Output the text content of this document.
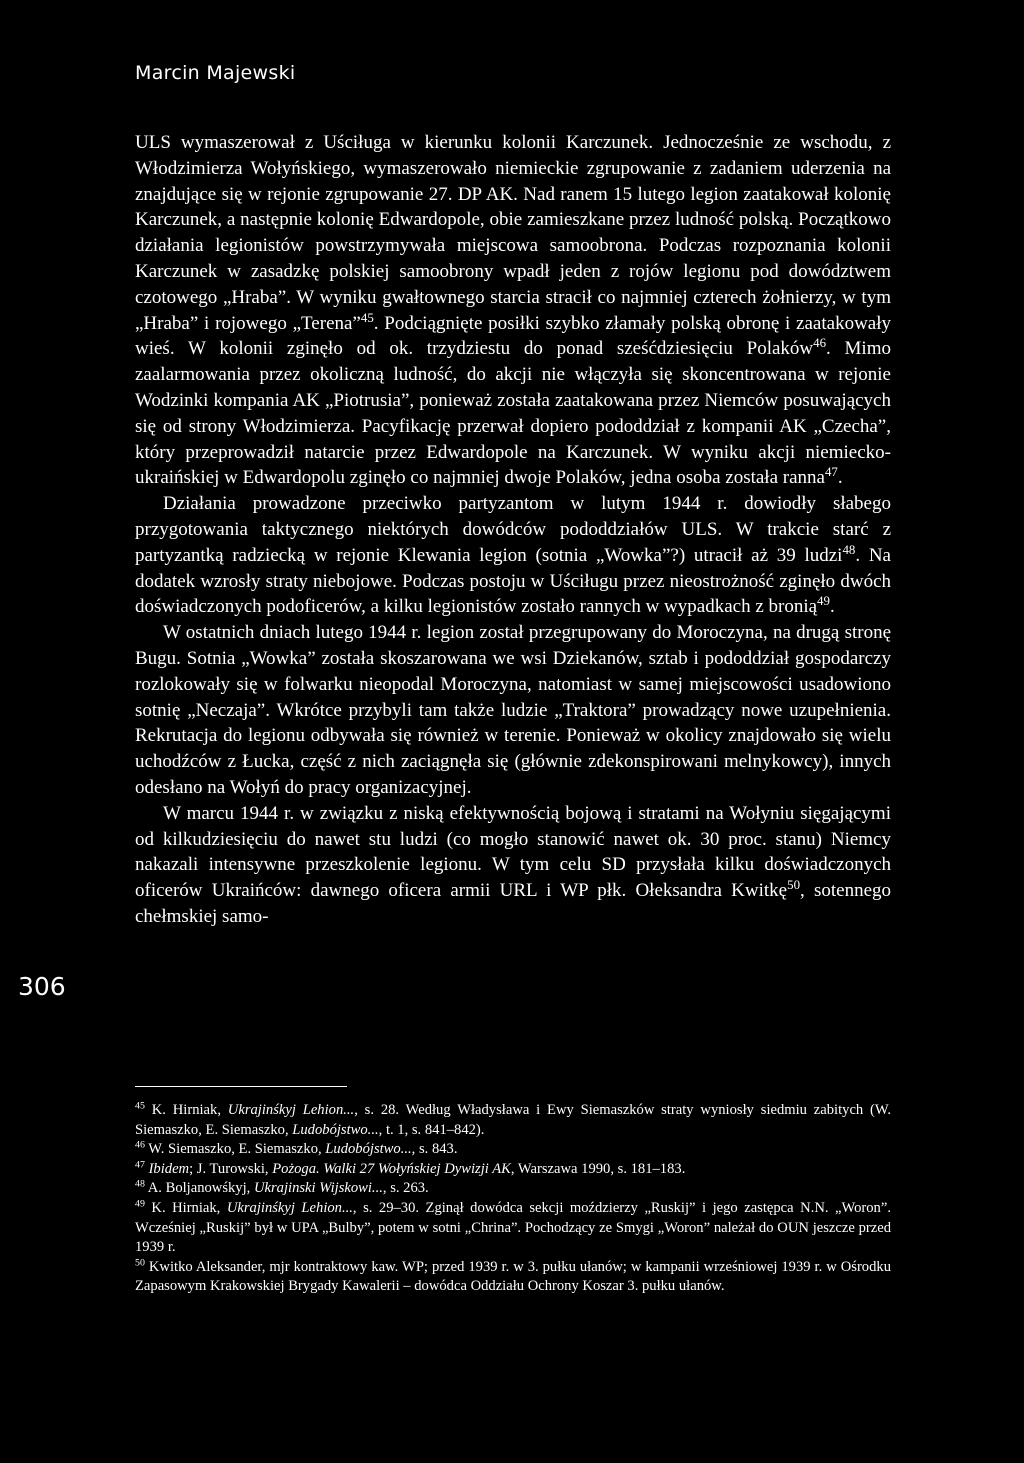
Marcin Majewski

ULS wymaszerował z Uściługa w kierunku kolonii Karczunek. Jednocześnie ze wschodu, z Włodzimierza Wołyńskiego, wymaszerowało niemieckie zgrupowanie z zadaniem uderzenia na znajdujące się w rejonie zgrupowanie 27. DP AK. Nad ranem 15 lutego legion zaatakował kolonię Karczunek, a następnie kolonię Edwardopole, obie zamieszkane przez ludność polską. Początkowo działania legionistów powstrzymywała miejscowa samoobrona. Podczas rozpoznania kolonii Karczunek w zasadzkę polskiej samoobrony wpadł jeden z rojów legionu pod dowództwem czotowego „Hraba”. W wyniku gwałtownego starcia stracił co najmniej czterech żołnierzy, w tym „Hraba” i rojowego „Terena”$^{45}$. Podciągnięte posiłki szybko złamały polską obronę i zaatakowały wieś. W kolonii zginęło od ok. trzydziestu do ponad sześćdziesięciu Polaków$^{46}$. Mimo zaalarmowania przez okoliczną ludność, do akcji nie włączyła się skoncentrowana w rejonie Wodzinki kompania AK „Piotrusia”, ponieważ została zaatakowana przez Niemców posuwających się od strony Włodzimierza. Pacyfikację przerwał dopiero pododdział z kompanii AK „Czecha”, który przeprowadził natarcie przez Edwardopole na Karczunek. W wyniku akcji niemiecko-ukraińskiej w Edwardopolu zginęło co najmniej dwoje Polaków, jedna osoba została ranna$^{47}$.

Działania prowadzone przeciwko partyzantom w lutym 1944 r. dowiodły słabego przygotowania taktycznego niektórych dowódców pododdziałów ULS. W trakcie starć z partyzantką radziecką w rejonie Klewania legion (sotnia „Wowka”?) utracił aż 39 ludzi$^{48}$. Na dodatek wzrosły straty niebojowe. Podczas postoju w Uściługu przez nieostrożność zginęło dwóch doświadczonych podoficerów, a kilku legionistów zostało rannych w wypadkach z bronią$^{49}$.

W ostatnich dniach lutego 1944 r. legion został przegrupowany do Moroczyna, na drugą stronę Bugu. Sotnia „Wowka” została skoszarowana we wsi Dziekanów, sztab i pododdział gospodarczy rozlokowały się w folwarku nieopodal Moroczyna, natomiast w samej miejscowości usadowiono sotnię „Neczaja”. Wkrótce przybyli tam także ludzie „Traktora” prowadzący nowe uzupełnienia. Rekrutacja do legionu odbywała się również w terenie. Ponieważ w okolicy znajdowało się wielu uchodźców z Łucka, część z nich zaciągnęła się (głównie zdekonspirowani melnykowcy), innych odesłano na Wołyń do pracy organizacyjnej.

W marcu 1944 r. w związku z niską efektywnością bojową i stratami na Wołyniu sięgającymi od kilkudziesięciu do nawet stu ludzi (co mogło stanowić nawet ok. 30 proc. stanu) Niemcy nakazali intensywne przeszkolenie legionu. W tym celu SD przysłała kilku doświadczonych oficerów Ukraińców: dawnego oficera armii URL i WP płk. Ołeksandra Kwitkę$^{50}$, sotennego chełmskiej samo-

306

$^{45}$ K. Hirniak, Ukrajinśkyj Lehion..., s. 28. Według Władysława i Ewy Siemaszków straty wyniosły siedmiu zabitych (W. Siemaszko, E. Siemaszko, Ludobójstwo..., t. 1, s. 841–842).

$^{46}$ W. Siemaszko, E. Siemaszko, Ludobójstwo..., s. 843.

$^{47}$ Ibidem; J. Turowski, Pożoga. Walki 27 Wołyńskiej Dywizji AK, Warszawa 1990, s. 181–183.

$^{48}$ A. Boljanowśkyj, Ukrajinski Wijskowi..., s. 263.

$^{49}$ K. Hirniak, Ukrajinśkyj Lehion..., s. 29–30. Zginął dowódca sekcji moździerzy „Ruskij” i jego zastępca N.N. „Woron”. Wcześniej „Ruskij” był w UPA „Bulby”, potem w sotni „Chrina”. Pochodzący ze Smygi „Woron” należał do OUN jeszcze przed 1939 r.

$^{50}$ Kwitko Aleksander, mjr kontraktowy kaw. WP; przed 1939 r. w 3. pułku ułanów; w kampanii wrześniowej 1939 r. w Ośrodku Zapasowym Krakowskiej Brygady Kawalerii – dowódca Oddziału Ochrony Koszar 3. pułku ułanów.
